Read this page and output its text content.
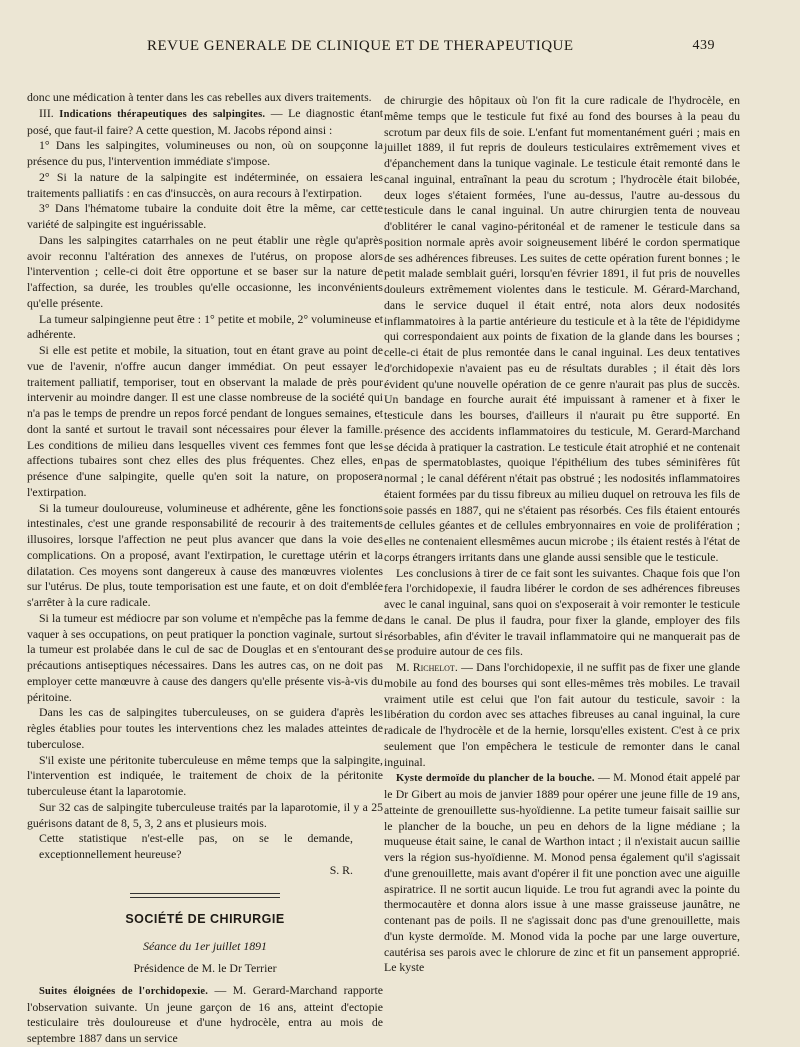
REVUE GENERALE DE CLINIQUE ET DE THERAPEUTIQUE	439

donc une médication à tenter dans les cas rebelles aux divers traitements.

III. Indications thérapeutiques des salpingites. — Le diagnostic étant posé, que faut-il faire? A cette question, M. Jacobs répond ainsi :

1° Dans les salpingites, volumineuses ou non, où on soupçonne la présence du pus, l'intervention immédiate s'impose.

2° Si la nature de la salpingite est indéterminée, on essaiera les traitements palliatifs : en cas d'insuccès, on aura recours à l'extirpation.

3° Dans l'hématome tubaire la conduite doit être la même, car cette variété de salpingite est inguérissable.

Dans les salpingites catarrhales on ne peut établir une règle qu'après avoir reconnu l'altération des annexes de l'utérus, on propose alors l'intervention ; celle-ci doit être opportune et se baser sur la nature de l'affection, sa durée, les troubles qu'elle occasionne, les inconvénients qu'elle présente.

La tumeur salpingienne peut être : 1° petite et mobile, 2° volumineuse et adhérente.

Si elle est petite et mobile, la situation, tout en étant grave au point de vue de l'avenir, n'offre aucun danger immédiat. On peut essayer le traitement palliatif, temporiser, tout en observant la malade de près pour intervenir au moindre danger. Il est une classe nombreuse de la société qui n'a pas le temps de prendre un repos forcé pendant de longues semaines, et dont la santé et surtout le travail sont nécessaires pour élever la famille. Les conditions de milieu dans lesquelles vivent ces femmes font que les affections tubaires sont chez elles des plus fréquentes. Chez elles, en présence d'une salpingite, quelle qu'en soit la nature, on proposera l'extirpation.

Si la tumeur douloureuse, volumineuse et adhérente, gêne les fonctions intestinales, c'est une grande responsabilité de recourir à des traitements illusoires, lorsque l'affection ne peut plus avancer que dans la voie des complications. On a proposé, avant l'extirpation, le curettage utérin et la dilatation. Ces moyens sont dangereux à cause des manœuvres violentes sur l'utérus. De plus, toute temporisation est une faute, et on doit d'emblée s'arrêter à la cure radicale.

Si la tumeur est médiocre par son volume et n'empêche pas la femme de vaquer à ses occupations, on peut pratiquer la ponction vaginale, surtout si la tumeur est prolabée dans le cul de sac de Douglas et en s'entourant des précautions antiseptiques nécessaires. Dans les autres cas, on ne doit pas employer cette manœuvre à cause des dangers qu'elle présente vis-à-vis du péritoine.

Dans les cas de salpingites tuberculeuses, on se guidera d'après les règles établies pour toutes les interventions chez les malades atteintes de tuberculose.

S'il existe une péritonite tuberculeuse en même temps que la salpingite, l'intervention est indiquée, le traitement de choix de la péritonite tuberculeuse étant la laparotomie.

Sur 32 cas de salpingite tuberculeuse traités par la laparotomie, il y a 25 guérisons datant de 8, 5, 3, 2 ans et plusieurs mois.

Cette statistique n'est-elle pas, on se le demande, exceptionnellement heureuse?
S. R.
SOCIÉTÉ DE CHIRURGIE

Séance du 1er juillet 1891

Présidence de M. le Dr Terrier

Suites éloignées de l'orchidopexie. — M. Gerard-Marchand rapporte l'observation suivante. Un jeune garçon de 16 ans, atteint d'ectopie testiculaire très douloureuse et d'une hydrocèle, entra au mois de septembre 1887 dans un service

de chirurgie des hôpitaux où l'on fit la cure radicale de l'hydrocèle, en même temps que le testicule fut fixé au fond des bourses à la peau du scrotum par deux fils de soie. L'enfant fut momentanément guéri ; mais en juillet 1889, il fut repris de douleurs testiculaires extrêmement vives et d'épanchement dans la tunique vaginale. Le testicule était remonté dans le canal inguinal, entraînant la peau du scrotum ; l'hydrocèle était bilobée, deux loges s'étaient formées, l'une au-dessus, l'autre au-dessous du testicule dans le canal inguinal. Un autre chirurgien tenta de nouveau d'oblitérer le canal vagino-péritonéal et de ramener le testicule dans sa position normale après avoir soigneusement libéré le cordon spermatique de ses adhérences fibreuses. Les suites de cette opération furent bonnes ; le petit malade semblait guéri, lorsqu'en février 1891, il fut pris de nouvelles douleurs extrêmement violentes dans le testicule. M. Gérard-Marchand, dans le service duquel il était entré, nota alors deux nodosités inflammatoires à la partie antérieure du testicule et à la tête de l'épididyme qui correspondaient aux points de fixation de la glande dans les bourses ; celle-ci était de plus remontée dans le canal inguinal. Les deux tentatives d'orchidopexie n'avaient pas eu de résultats durables ; il était dès lors évident qu'une nouvelle opération de ce genre n'aurait pas plus de succès. Un bandage en fourche aurait été impuissant à ramener et à fixer le testicule dans les bourses, d'ailleurs il n'aurait pu être supporté. En présence des accidents inflammatoires du testicule, M. Gerard-Marchand se décida à pratiquer la castration. Le testicule était atrophié et ne contenait pas de spermatoblastes, quoique l'épithélium des tubes séminifères fût normal ; le canal déférent n'était pas obstrué ; les nodosités inflammatoires étaient formées par du tissu fibreux au milieu duquel on retrouva les fils de soie passés en 1887, qui ne s'étaient pas résorbés. Ces fils étaient entourés de cellules géantes et de cellules embryonnaires en voie de prolifération ; elles ne contenaient ellesmêmes aucun microbe ; ils étaient restés à l'état de corps étrangers irritants dans une glande aussi sensible que le testicule.

Les conclusions à tirer de ce fait sont les suivantes. Chaque fois que l'on fera l'orchidopexie, il faudra libérer le cordon de ses adhérences fibreuses avec le canal inguinal, sans quoi on s'exposerait à voir remonter le testicule dans le canal. De plus il faudra, pour fixer la glande, employer des fils résorbables, afin d'éviter le travail inflammatoire qui ne manquerait pas de se produire autour de ces fils.

M. Richelot. — Dans l'orchidopexie, il ne suffit pas de fixer une glande mobile au fond des bourses qui sont elles-mêmes très mobiles. Le travail vraiment utile est celui que l'on fait autour du testicule, savoir : la libération du cordon avec ses attaches fibreuses au canal inguinal, la cure radicale de l'hydrocèle et de la hernie, lorsqu'elles existent. C'est à ce prix seulement que l'on empêchera le testicule de remonter dans le canal inguinal.

Kyste dermoïde du plancher de la bouche. — M. Monod était appelé par le Dr Gibert au mois de janvier 1889 pour opérer une jeune fille de 19 ans, atteinte de grenouillette sus-hyoïdienne. La petite tumeur faisait saillie sur le plancher de la bouche, un peu en dehors de la ligne médiane ; la muqueuse était saine, le canal de Warthon intact ; il n'existait aucun saillie vers la région sus-hyoïdienne. M. Monod pensa également qu'il s'agissait d'une grenouillette, mais avant d'opérer il fit une ponction avec une aiguille aspiratrice. Il ne sortit aucun liquide. Le trou fut agrandi avec la pointe du thermocautère et donna alors issue à une masse graisseuse jaunâtre, ne contenant pas de poils. Il ne s'agissait donc pas d'une grenouillette, mais d'un kyste dermoïde. M. Monod vida la poche par une large ouverture, cautérisa ses parois avec le chlorure de zinc et fit un pansement approprié. Le kyste
